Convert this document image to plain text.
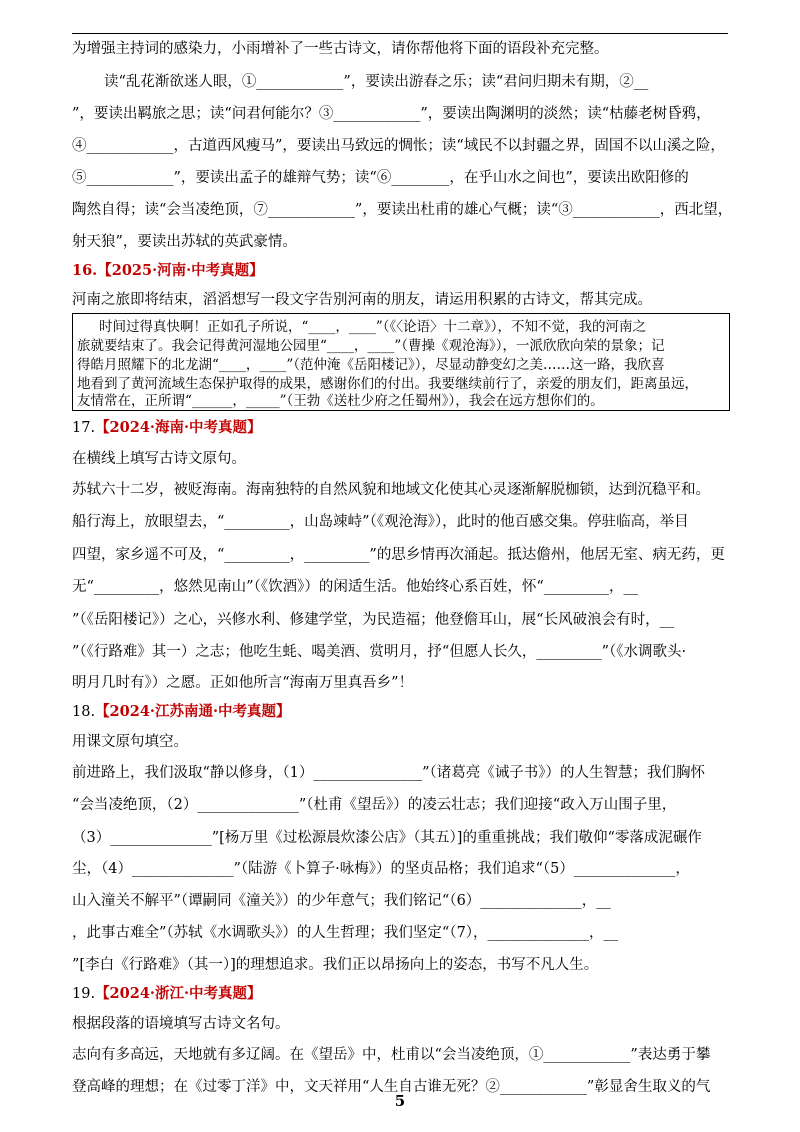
为增强主持词的感染力，小雨增补了一些古诗文，请你帮他将下面的语段补充完整。
读“乱花渐欲迷人眼，①____________”，要读出游春之乐；读“君问归期未有期，②__
”，要读出羁旅之思；读“问君何能尔？③____________”，要读出陶渊明的淡然；读“枯藤老树昏鸦，
④____________，古道西风瘦马”，要读出马致远的惆怅；读“域民不以封疆之界，固国不以山溪之险，
⑤____________”，要读出孟子的雄辩气势；读“⑥________，在乎山水之间也”，要读出欧阳修的
陶然自得；读“会当凌绝顶，⑦____________”，要读出杜甫的雄心气概；读“③____________，西北望，
射天狼”，要读出苏轼的英武豪情。
16.【2025·河南·中考真题】
河南之旅即将结束，滔滔想写一段文字告别河南的朋友，请运用积累的古诗文，帮其完成。
时间过得真快啊！正如孔子所说，“____，____”（《〈论语〉十二章》），不知不觉，我的河南之
旅就要结束了。我会记得黄河湿地公园里“____，____”（曹操《观沧海》），一派欣欣向荣的景象；记
得皓月照耀下的北龙湖“____，____”（范仲淹《岳阳楼记》），尽显动静变幻之美……这一路，我欣喜
地看到了黄河流域生态保护取得的成果，感谢你们的付出。我要继续前行了，亲爱的朋友们，距离虽远，
友情常在，正所谓“______，_____”（王勃《送杜少府之任蜀州》），我会在远方想你们的。
17.【2024·海南·中考真题】
在横线上填写古诗文原句。
苏轼六十二岁，被贬海南。海南独特的自然风貌和地域文化使其心灵逐渐解脱枷锁，达到沉稳平和。
船行海上，放眼望去，“_________，山岛竦峙”（《观沧海》），此时的他百感交集。停驻临高，举目
四望，家乡遥不可及，“_________，_________”的思乡情再次涌起。抵达儋州，他居无室、病无药，更
无“_________，悠然见南山”（《饮酒》）的闲适生活。他始终心系百姓，怀“_________，__
”（《岳阳楼记》）之心，兴修水利、修建学堂，为民造福；他登儋耳山，展“长风破浪会有时，__
”（《行路难》其一）之志；他吃生蚝、喝美酒、赏明月，抒“但愿人长久，_________”（《水调歌头·
明月几时有》）之愿。正如他所言“海南万里真吾乡”！
18.【2024·江苏南通·中考真题】
用课文原句填空。
前进路上，我们汲取“静以修身，（1）_______________”（诸葛亮《诫子书》）的人生智慧；我们胸怀
“会当凌绝顶，（2）______________”（杜甫《望岳》）的凌云壮志；我们迎接“政入万山围子里，
（3）______________”[杨万里《过松源晨炊漆公店》（其五）]的重重挑战；我们敬仰“零落成泥碾作
尘，（4）______________”（陆游《卜算子·咏梅》）的坚贞品格；我们追求“（5）______________，
山入潼关不解平”（谭嗣同《潼关》）的少年意气；我们铭记“（6）______________，__
，此事古难全”（苏轼《水调歌头》）的人生哲理；我们坚定“（7），______________，__
”[李白《行路难》（其一）]的理想追求。我们正以昂扬向上的姿态，书写不凡人生。
19.【2024·浙江·中考真题】
根据段落的语境填写古诗文名句。
志向有多高远，天地就有多辽阔。在《望岳》中，杜甫以“会当凌绝顶，①____________”表达勇于攀
登高峰的理想；在《过零丁洋》中，文天祥用“人生自古谁无死？②____________”彰显舍生取义的气
5
